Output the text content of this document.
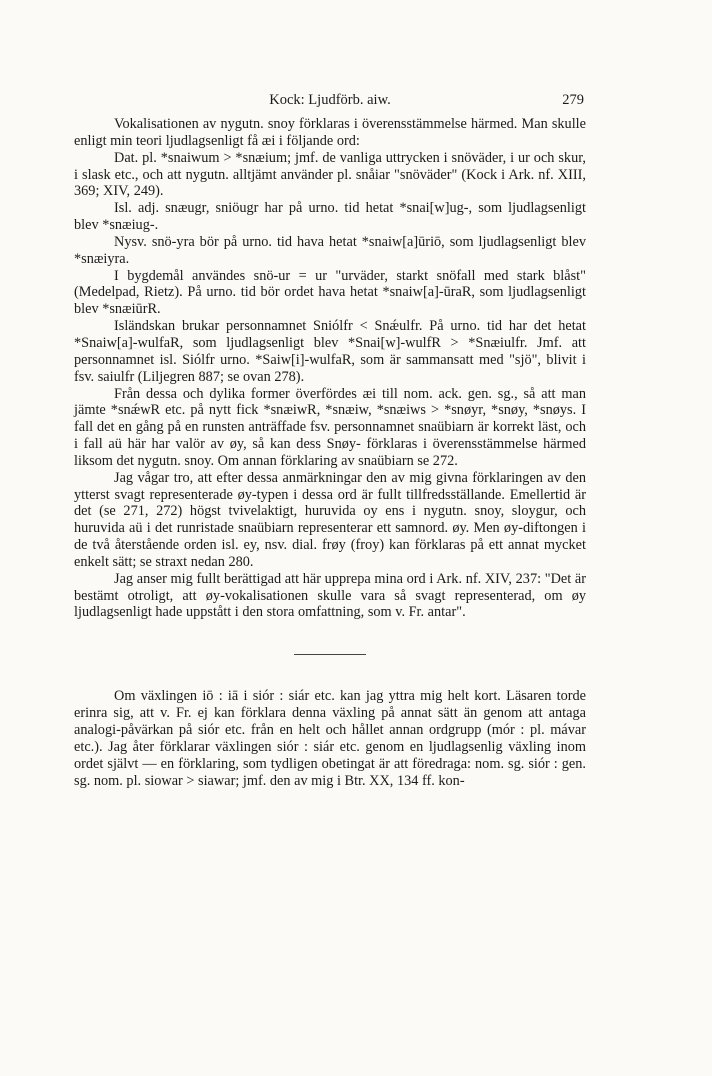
Kock: Ljudförb. aiw.	279

Vokalisationen av nygutn. snoy förklaras i överensstämmelse härmed. Man skulle enligt min teori ljudlagsenligt få æi i följande ord:

Dat. pl. *snaiwum > *snæium; jmf. de vanliga uttrycken i snöväder, i ur och skur, i slask etc., och att nygutn. alltjämt använder pl. snåiar "snöväder" (Kock i Ark. nf. XIII, 369; XIV, 249).

Isl. adj. snæugr, sniöugr har på urno. tid hetat *snai[w]ug-, som ljudlagsenligt blev *snæiug-.

Nysv. snö-yra bör på urno. tid hava hetat *snaiw[a]ūriō, som ljudlagsenligt blev *snæiyra.

I bygdemål användes snö-ur = ur "urväder, starkt snöfall med stark blåst" (Medelpad, Rietz). På urno. tid bör ordet hava hetat *snaiw[a]-ūraR, som ljudlagsenligt blev *snæiūrR.

Isländskan brukar personnamnet Sniólfr < Snǽulfr. På urno. tid har det hetat *Snaiw[a]-wulfaR, som ljudlagsenligt blev *Snai[w]-wulfR > *Snæiulfr. Jmf. att personnamnet isl. Siólfr urno. *Saiw[i]-wulfaR, som är sammansatt med "sjö", blivit i fsv. saiulfr (Liljegren 887; se ovan 278).

Från dessa och dylika former överfördes æi till nom. ack. gen. sg., så att man jämte *snǽwR etc. på nytt fick *snæiwR, *snæiw, *snæiws > *snøyr, *snøy, *snøys. I fall det en gång på en runsten anträffade fsv. personnamnet snaübiarn är korrekt läst, och i fall aü här har valör av øy, så kan dess Snøy- förklaras i överensstämmelse härmed liksom det nygutn. snoy. Om annan förklaring av snaübiarn se 272.

Jag vågar tro, att efter dessa anmärkningar den av mig givna förklaringen av den ytterst svagt representerade øy-typen i dessa ord är fullt tillfredsställande. Emellertid är det (se 271, 272) högst tvivelaktigt, huruvida oy ens i nygutn. snoy, sloygur, och huruvida aü i det runristade snaübiarn representerar ett samnord. øy. Men øy-diftongen i de två återstående orden isl. ey, nsv. dial. frøy (froy) kan förklaras på ett annat mycket enkelt sätt; se straxt nedan 280.

Jag anser mig fullt berättigad att här upprepa mina ord i Ark. nf. XIV, 237: "Det är bestämt otroligt, att øy-vokalisationen skulle vara så svagt representerad, om øy ljudlagsenligt hade uppstått i den stora omfattning, som v. Fr. antar".

Om växlingen iō : iā i siór : siár etc. kan jag yttra mig helt kort. Läsaren torde erinra sig, att v. Fr. ej kan förklara denna växling på annat sätt än genom att antaga analogi-påvärkan på siór etc. från en helt och hållet annan ordgrupp (mór : pl. mávar etc.). Jag åter förklarar växlingen siór : siár etc. genom en ljudlagsenlig växling inom ordet självt — en förklaring, som tydligen obetingat är att föredraga: nom. sg. siór : gen. sg. nom. pl. siowar > siawar; jmf. den av mig i Btr. XX, 134 ff. kon-
